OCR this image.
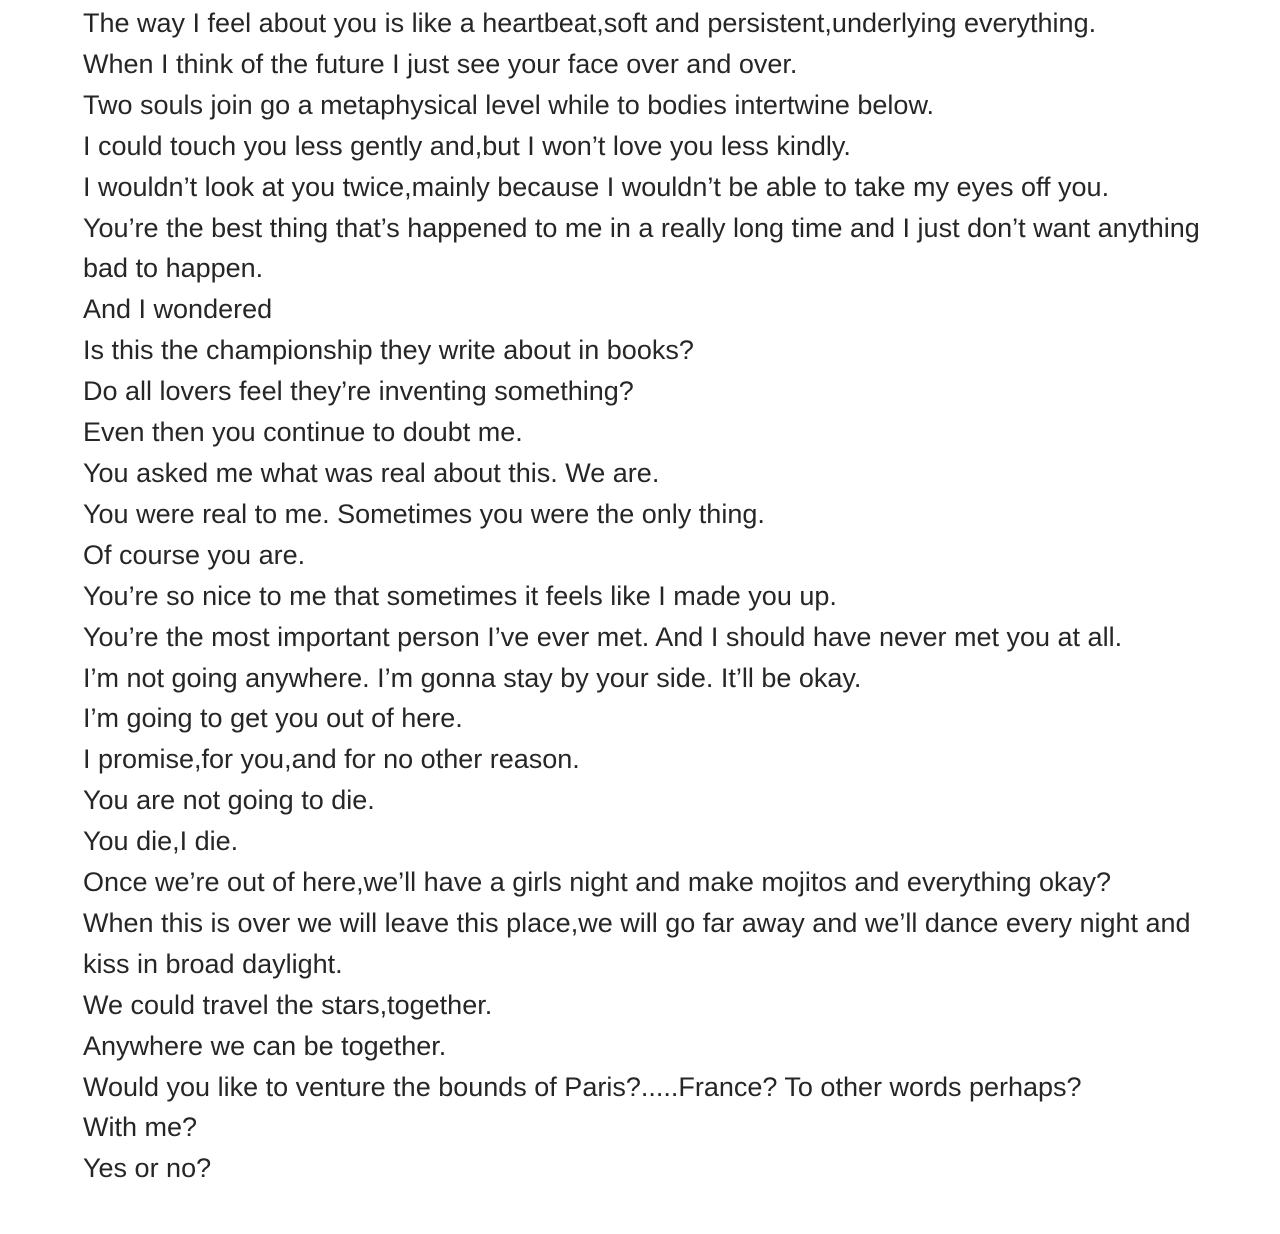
The way I feel about you is like a heartbeat,soft and persistent,underlying everything.

When I think of the future I just see your face over and over.

Two souls join go a metaphysical level while to bodies intertwine below.

I could touch you less gently and,but I won’t love you less kindly.

I wouldn’t look at you twice,mainly because I wouldn’t be able to take my eyes off you.

You’re the best thing that’s happened to me in a really long time and I just don’t want anything bad to happen.

And I wondered

Is this the championship they write about in books?

Do all lovers feel they’re inventing something?

Even then you continue to doubt me.

You asked me what was real about this. We are.

You were real to me. Sometimes you were the only thing.

Of course you are.

You’re so nice to me that sometimes it feels like I made you up.

You’re the most important person I’ve ever met. And I should have never met you at all.

I’m not going anywhere. I’m gonna stay by your side. It’ll be okay.

I’m going to get you out of here.

I promise,for you,and for no other reason.

You are not going to die.

You die,I die.

Once we’re out of here,we’ll have a girls night and make mojitos and everything okay?

When this is over we will leave this place,we will go far away and we’ll dance every night and kiss in broad daylight.

We could travel the stars,together.

Anywhere we can be together.

Would you like to venture the bounds of Paris?.....France? To other words perhaps?

With me?

Yes or no?
